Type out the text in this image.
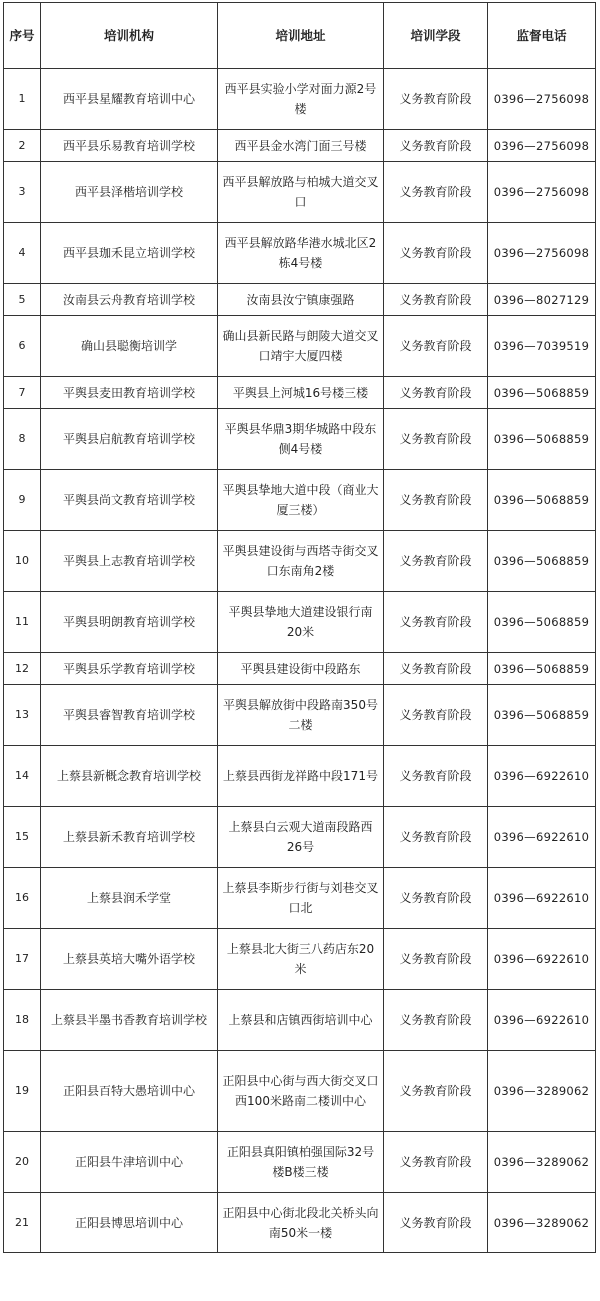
序号	培训机构	培训地址	培训学段	监督电话
1	西平县星耀教育培训中心	西平县实验小学对面力源2号楼	义务教育阶段	0396—2756098
2	西平县乐易教育培训学校	西平县金水湾门面三号楼	义务教育阶段	0396—2756098
3	西平县泽楷培训学校	西平县解放路与柏城大道交叉口	义务教育阶段	0396—2756098
4	西平县珈禾昆立培训学校	西平县解放路华港水城北区2栋4号楼	义务教育阶段	0396—2756098
5	汝南县云舟教育培训学校	汝南县汝宁镇康强路	义务教育阶段	0396—8027129
6	确山县聪衡培训学	确山县新民路与朗陵大道交叉口靖宇大厦四楼	义务教育阶段	0396—7039519
7	平舆县麦田教育培训学校	平舆县上河城16号楼三楼	义务教育阶段	0396—5068859
8	平舆县启航教育培训学校	平舆县华鼎3期华城路中段东侧4号楼	义务教育阶段	0396—5068859
9	平舆县尚文教育培训学校	平舆县挚地大道中段（商业大厦三楼）	义务教育阶段	0396—5068859
10	平舆县上志教育培训学校	平舆县建设街与西塔寺街交叉口东南角2楼	义务教育阶段	0396—5068859
11	平舆县明朗教育培训学校	平舆县挚地大道建设银行南20米	义务教育阶段	0396—5068859
12	平舆县乐学教育培训学校	平舆县建设街中段路东	义务教育阶段	0396—5068859
13	平舆县睿智教育培训学校	平舆县解放街中段路南350号二楼	义务教育阶段	0396—5068859
14	上蔡县新概念教育培训学校	上蔡县西街龙祥路中段171号	义务教育阶段	0396—6922610
15	上蔡县新禾教育培训学校	上蔡县白云观大道南段路西26号	义务教育阶段	0396—6922610
16	上蔡县润禾学堂	上蔡县李斯步行街与刘巷交叉口北	义务教育阶段	0396—6922610
17	上蔡县英培大嘴外语学校	上蔡县北大街三八药店东20米	义务教育阶段	0396—6922610
18	上蔡县半墨书香教育培训学校	上蔡县和店镇西街培训中心	义务教育阶段	0396—6922610
19	正阳县百特大愚培训中心	正阳县中心街与西大街交叉口西100米路南二楼训中心	义务教育阶段	0396—3289062
20	正阳县牛津培训中心	正阳县真阳镇柏强国际32号楼B楼三楼	义务教育阶段	0396—3289062
21	正阳县博思培训中心	正阳县中心街北段北关桥头向南50米一楼	义务教育阶段	0396—3289062
